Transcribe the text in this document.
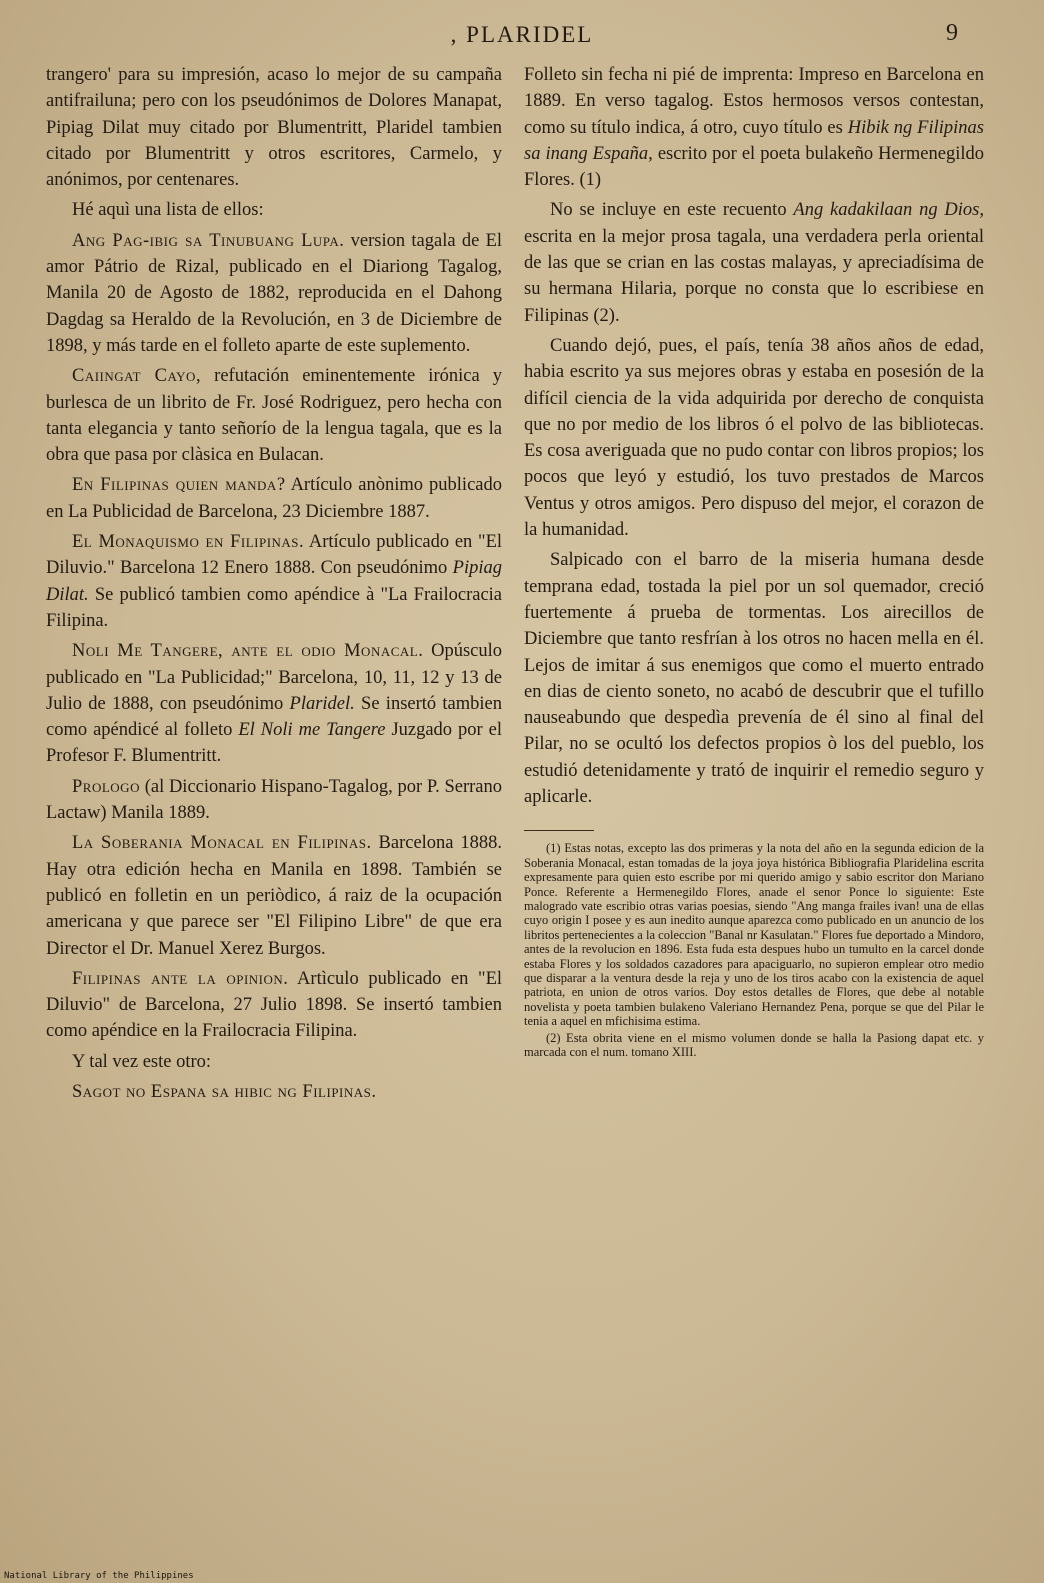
, PLARIDEL	9

trangero' para su impresión, acaso lo mejor de su campaña antifrailuna; pero con los pseudónimos de Dolores Manapat, Pipiag Dilat muy citado por Blumentritt, Plaridel tambien citado por Blumentritt y otros escritores, Carmelo, y anónimos, por centenares.

Hé aquì una lista de ellos:

Ang Pag-ibig sa Tinubuang Lupa. version tagala de El amor Pátrio de Rizal, publicado en el Diariong Tagalog, Manila 20 de Agosto de 1882, reproducida en el Dahong Dagdag sa Heraldo de la Revolución, en 3 de Diciembre de 1898, y más tarde en el folleto aparte de este suplemento.

Caiingat Cayo, refutación eminentemente irónica y burlesca de un librito de Fr. José Rodriguez, pero hecha con tanta elegancia y tanto señorío de la lengua tagala, que es la obra que pasa por clàsica en Bulacan.

En Filipinas quien manda? Artículo anònimo publicado en La Publicidad de Barcelona, 23 Diciembre 1887.

El Monaquismo en Filipinas. Artículo publicado en "El Diluvio." Barcelona 12 Enero 1888. Con pseudónimo Pipiag Dilat. Se publicó tambien como apéndice à "La Frailocracia Filipina.

Noli Me Tangere, ante el odio Monacal. Opúsculo publicado en "La Publicidad;" Barcelona, 10, 11, 12 y 13 de Julio de 1888, con pseudónimo Plaridel. Se insertó tambien como apéndicé al folleto El Noli me Tangere Juzgado por el Profesor F. Blumentritt.

Prologo (al Diccionario Hispano-Tagalog, por P. Serrano Lactaw) Manila 1889.

La Soberania Monacal en Filipinas. Barcelona 1888. Hay otra edición hecha en Manila en 1898. También se publicó en folletin en un periòdico, á raiz de la ocupación americana y que parece ser "El Filipino Libre" de que era Director el Dr. Manuel Xerez Burgos.

Filipinas ante la opinion. Artìculo publicado en "El Diluvio" de Barcelona, 27 Julio 1898. Se insertó tambien como apéndice en la Frailocracia Filipina.

Y tal vez este otro:

Sagot no Espana sa hibic ng Filipinas.

Folleto sin fecha ni pié de imprenta: Impreso en Barcelona en 1889. En verso tagalog. Estos hermosos versos contestan, como su título indica, á otro, cuyo título es Hibik ng Filipinas sa inang España, escrito por el poeta bulakeño Hermenegildo Flores. (1)

No se incluye en este recuento Ang kadakilaan ng Dios, escrita en la mejor prosa tagala, una verdadera perla oriental de las que se crian en las costas malayas, y apreciadísima de su hermana Hilaria, porque no consta que lo escribiese en Filipinas (2).

Cuando dejó, pues, el país, tenía 38 años años de edad, habia escrito ya sus mejores obras y estaba en posesión de la difícil ciencia de la vida adquirida por derecho de conquista que no por medio de los libros ó el polvo de las bibliotecas. Es cosa averiguada que no pudo contar con libros propios; los pocos que leyó y estudió, los tuvo prestados de Marcos Ventus y otros amigos. Pero dispuso del mejor, el corazon de la humanidad.

Salpicado con el barro de la miseria humana desde temprana edad, tostada la piel por un sol quemador, creció fuertemente á prueba de tormentas. Los airecillos de Diciembre que tanto resfrían à los otros no hacen mella en él. Lejos de imitar á sus enemigos que como el muerto entrado en dias de ciento soneto, no acabó de descubrir que el tufillo nauseabundo que despedìa prevenía de él sino al final del Pilar, no se ocultó los defectos propios ò los del pueblo, los estudió detenidamente y trató de inquirir el remedio seguro y aplicarle.

(1) Estas notas, excepto las dos primeras y la nota del año en la segunda edicion de la Soberania Monacal, estan tomadas de la joya joya histórica Bibliografia Plaridelina escrita expresamente para quien esto escribe por mi querido amigo y sabio escritor don Mariano Ponce. Referente a Hermenegildo Flores, anade el senor Ponce lo siguiente: Este malogrado vate escribio otras varias poesias, siendo "Ang manga frailes ivan! una de ellas cuyo origin I posee y es aun inedito aunque aparezca como publicado en un anuncio de los libritos pertenecientes a la coleccion "Banal nr Kasulatan." Flores fue deportado a Mindoro, antes de la revolucion en 1896. Esta fuda esta despues hubo un tumulto en la carcel donde estaba Flores y los soldados cazadores para apaciguarlo, no supieron emplear otro medio que disparar a la ventura desde la reja y uno de los tiros acabo con la existencia de aquel patriota, en union de otros varios. Doy estos detalles de Flores, que debe al notable novelista y poeta tambien bulakeno Valeriano Hernandez Pena, porque se que del Pilar le tenia a aquel en mfichisima estima.

(2) Esta obrita viene en el mismo volumen donde se halla la Pasiong dapat etc. y marcada con el num. tomano XIII.

National Library of the Philippines
